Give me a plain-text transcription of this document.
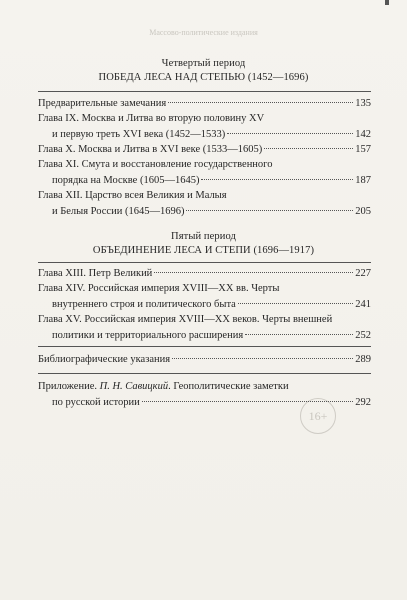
Массово-политические издания
16+
Четвертый период
ПОБЕДА ЛЕСА НАД СТЕПЬЮ (1452—1696)
Предварительные замечания	135
Глава IX. Москва и Литва во вторую половину XV
и первую треть XVI века (1452—1533)	142
Глава X. Москва и Литва в XVI веке (1533—1605)	157
Глава XI. Смута и восстановление государственного
порядка на Москве (1605—1645)	187
Глава XII. Царство всея Великия и Малыя
и Белыя России (1645—1696)	205
Пятый период
ОБЪЕДИНЕНИЕ ЛЕСА И СТЕПИ (1696—1917)
Глава XIII. Петр Великий	227
Глава XIV. Российская империя XVIII—XX вв. Черты
внутреннего строя и политического быта	241
Глава XV. Российская империя XVIII—XX веков. Черты внешней
политики и территориального расширения	252
Библиографические указания	289
Приложение. П. Н. Савицкий. Геополитические заметки
по русской истории	292
